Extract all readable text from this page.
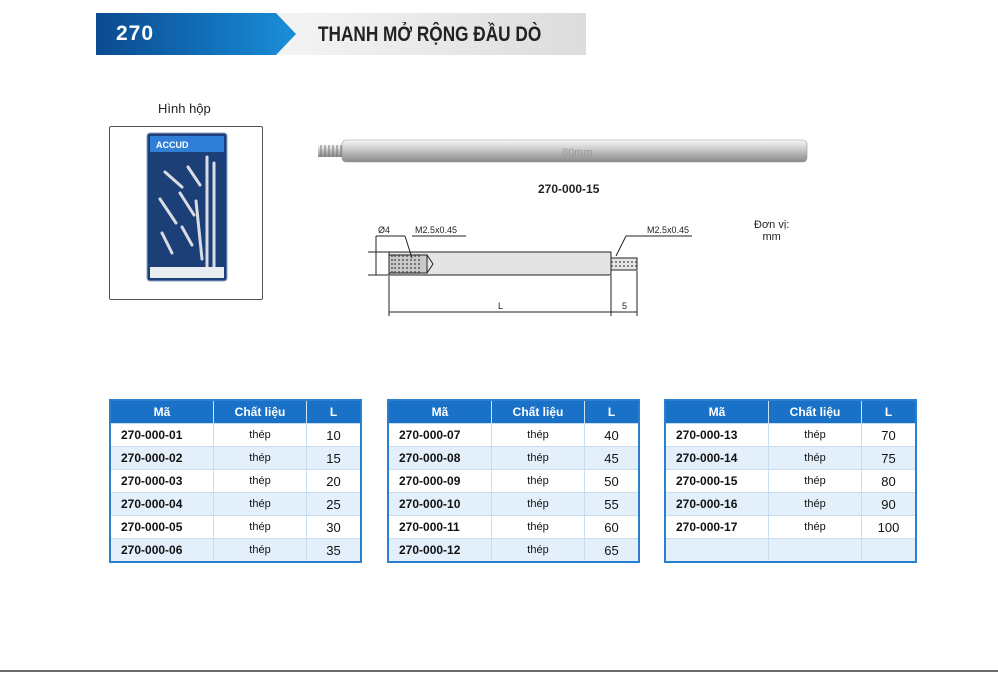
270	THANH MỞ RỘNG ĐẦU DÒ
Hình hộp
ACCUD
80mm
Ø4	M2.5x0.45	M2.5x0.45
L	5
270-000-15
Đơn vị:
mm
Mã	Chất liệu	L
270-000-01	thép	10
270-000-02	thép	15
270-000-03	thép	20
270-000-04	thép	25
270-000-05	thép	30
270-000-06	thép	35
Mã	Chất liệu	L
270-000-07	thép	40
270-000-08	thép	45
270-000-09	thép	50
270-000-10	thép	55
270-000-11	thép	60
270-000-12	thép	65
Mã	Chất liệu	L
270-000-13	thép	70
270-000-14	thép	75
270-000-15	thép	80
270-000-16	thép	90
270-000-17	thép	100
